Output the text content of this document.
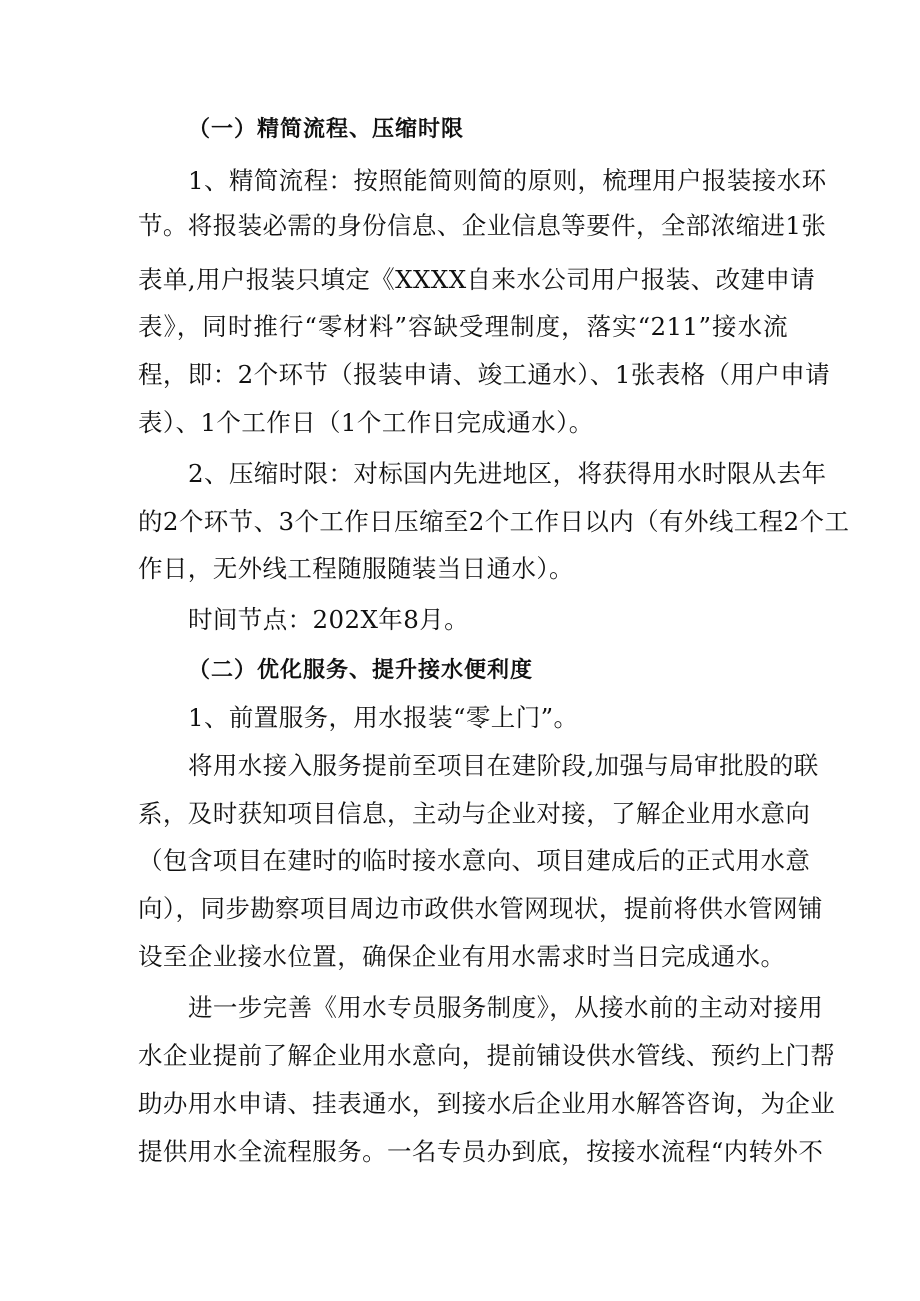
（一）精简流程、压缩时限
1、精简流程：按照能简则简的原则，梳理用户报装接水环
节。将报装必需的身份信息、企业信息等要件，全部浓缩进1张
表单,用户报装只填定《XXXX自来水公司用户报装、改建申请
表》，同时推行“零材料”容缺受理制度，落实“211”接水流
程，即：2个环节（报装申请、竣工通水）、1张表格（用户申请
表）、1个工作日（1个工作日完成通水）。
2、压缩时限：对标国内先进地区，将获得用水时限从去年
的2个环节、3个工作日压缩至2个工作日以内（有外线工程2个工
作日，无外线工程随服随装当日通水）。
时间节点：202X年8月。
（二）优化服务、提升接水便利度
1、前置服务，用水报装“零上门”。
将用水接入服务提前至项目在建阶段,加强与局审批股的联
系，及时获知项目信息，主动与企业对接，了解企业用水意向
（包含项目在建时的临时接水意向、项目建成后的正式用水意
向），同步勘察项目周边市政供水管网现状，提前将供水管网铺
设至企业接水位置，确保企业有用水需求时当日完成通水。
进一步完善《用水专员服务制度》，从接水前的主动对接用
水企业提前了解企业用水意向，提前铺设供水管线、预约上门帮
助办用水申请、挂表通水，到接水后企业用水解答咨询，为企业
提供用水全流程服务。一名专员办到底，按接水流程“内转外不
